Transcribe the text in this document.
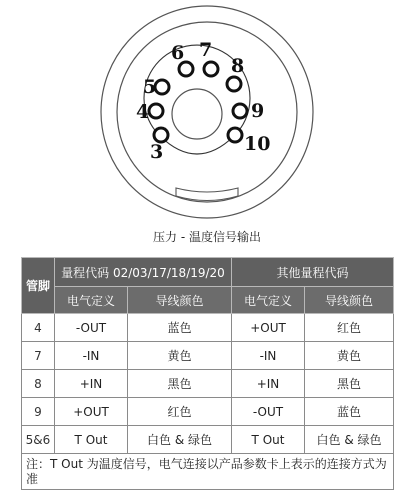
3
4
5
6 7
8
9
10
压力 - 温度信号输出
管脚	量程代码 02/03/17/18/19/20		其他量程代码	
	电气定义	导线颜色	电气定义	导线颜色
4	-OUT	蓝色	+OUT	红色
7	-IN	黄色	-IN	黄色
8	+IN	黑色	+IN	黑色
9	+OUT	红色	-OUT	蓝色
5&6	T Out	白色 & 绿色	T Out	白色 & 绿色
注：T Out 为温度信号，电气连接以产品参数卡上表示的连接方式为准				
